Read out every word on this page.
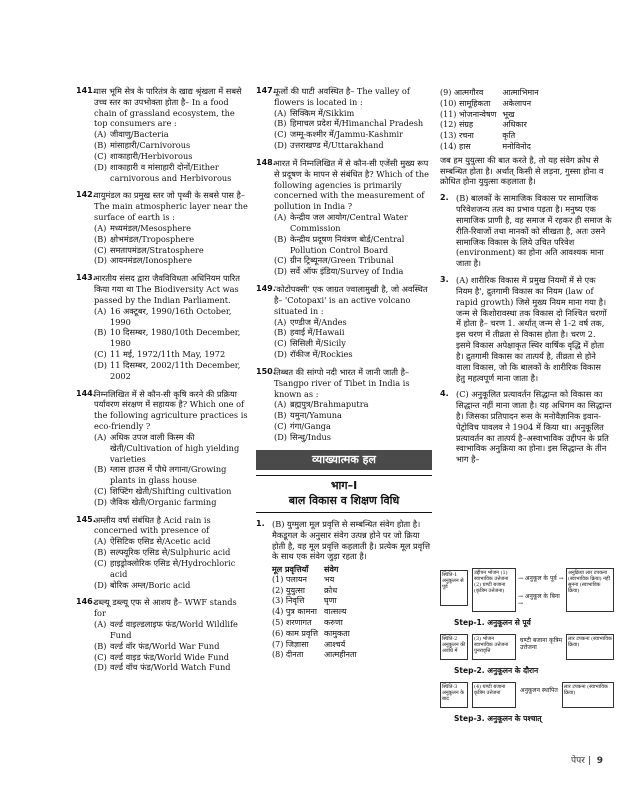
141.
घास भूमि सेत्र के पारितंत्र के खाद्य श्रृंखला में सबसे उच्च स्तर का उपभोक्ता होता है– In a food chain of grassland ecosystem, the top consumers are :
(A) जीवाणु/Bacteria
(B) मांसाहारी/Carnivorous
(C) शाकाहारी/Herbivorous
(D) शाकाहारी व मांसाहारी दोनों/Either carnivorous and Herbivorous
142.
वायुमंडल का प्रमुख स्तर जो पृथ्वी के सबसे पास है– The main atmospheric layer near the surface of earth is :
(A) मध्यमंडल/Mesosphere
(B) क्षोभमंडल/Troposphere
(C) समतापमंडल/Stratosphere
(D) आयनमंडल/Ionosphere
143.
भारतीय संसद द्वारा जैवविविधता अधिनियम पारित किया गया था The Biodiversity Act was passed by the Indian Parliament.
(A) 16 अक्टूबर, 1990/16th October, 1990
(B) 10 दिसम्बर, 1980/10th December, 1980
(C) 11 मई, 1972/11th May, 1972
(D) 11 दिसम्बर, 2002/11th December, 2002
144.
निम्नलिखित में से कौन-सी कृषि करने की प्रक्रिया पर्यावरण संरक्षण में सहायक है? Which one of the following agriculture practices is eco-friendly ?
(A) अधिक उपज वाली किस्म की खेती/Cultivation of high yielding varieties
(B) ग्लास हाउस में पौधे लगाना/Growing plants in glass house
(C) शिफ्टिंग खेती/Shifting cultivation
(D) जैविक खेती/Organic farming
145.
अम्लीय वर्षा संबंधित है Acid rain is concerned with presence of
(A) ऐसिटिक एसिड से/Acetic acid
(B) सल्फ्यूरिक एसिड से/Sulphuric acid
(C) हाइड्रोक्लोरिक एसिड से/Hydrochloric acid
(D) बोरिक अम्ल/Boric acid
146.
डब्ल्यू डब्ल्यू एफ से आशय है– WWF stands for
(A) वर्ल्ड वाइल्डलाइफ फंड/World Wildlife Fund
(B) वर्ल्ड वॉर फंड/World War Fund
(C) वर्ल्ड वाइड फंड/World Wide Fund
(D) वर्ल्ड वॉच फंड/World Watch Fund
147.
फूलों की घाटी अवस्थित है– The valley of flowers is located in :
(A) सिक्किम में/Sikkim
(B) हिमाचल प्रदेश में/Himanchal Pradesh
(C) जम्मू-कश्मीर में/Jammu-Kashmir
(D) उत्तराखण्ड में/Uttarakhand
148.
भारत में निम्नलिखित में से कौन-सी एजेंसी मुख्य रूप से प्रदूषण के मापन से संबंधित है? Which of the following agencies is primarily concerned with the measurement of pollution in India ?
(A) केन्द्रीय जल आयोग/Central Water Commission
(B) केन्द्रीय प्रदूषण नियंत्रण बोर्ड/Central Pollution Control Board
(C) ग्रीन ट्रिब्यूनल/Green Tribunal
(D) सर्वे ऑफ इंडिया/Survey of India
149.
'कोटोपक्सी' एक जाग्रत ज्वालामुखी है, जो अवस्थित है– 'Cotopaxi' is an active volcano situated in :
(A) एण्डीज में/Andes
(B) हवाई में/Hawaii
(C) सिसिली में/Sicily
(D) रॉकीज में/Rockies
150.
तिब्बत की सांग्पो नदी भारत में जानी जाती है– Tsangpo river of Tibet in India is known as :
(A) ब्रह्मपुत्र/Brahmaputra
(B) यमुना/Yamuna
(C) गंगा/Ganga
(D) सिन्धु/Indus
व्याख्यात्मक हल
भाग–I
बाल विकास व शिक्षण विधि
1. (B) युग्मुला मूल प्रवृत्ति से सम्बन्धित संवेग होता है। मैकडूगल के अनुसार संवेग उत्पन्न होने पर जो क्रिया होती है, वह मूल प्रवृत्ति कहलाती है। प्रत्येक मूल प्रवृत्ति के साथ एक संवेग जुड़ा रहता है।
मूल प्रवृत्तियाँ	संवेग
(1) पलायन	भय
(2) युयुत्सा	क्रोध
(3) निवृत्ति	घृणा
(4) पुत्र कामना	वात्सल्य
(5) शरणागत	करुणा
(6) काम प्रवृत्ति	कामुकता
(7) जिज्ञासा	आश्चर्य
(8) दीनता	आत्महीनता
(9) आत्मगौरव	आत्माभिमान
(10) सामूहिकता	अकेलापन
(11) भोजनान्वेषण	भूख
(12) संग्रह	अधिकार
(13) रचना	कृति
(14) हास	मनोविनोद
जब हम युयुत्सा की बात करते है, तो यह संवेग क्रोध से सम्बन्धित होता है। अर्थात् किसी से लड़ना, गुस्सा होना व क्रोधित होना युयुत्सा कहलाता है।
2. (B) बालकों के सामाजिक विकास पर सामाजिक परिवेशजन्य तत्व का प्रभाव पड़ता है। मनुष्य एक सामाजिक प्राणी है, वह समाज में रहकर ही समाज के रीति-रिवाजों तथा मानकों को सीखता है, अतः उसने सामाजिक विकास के लिये उचित परिवेश (environment) का होना अति आवश्यक माना जाता है।
3. (A) शारीरिक विकास में प्रमुख नियमों में से एक नियम है', द्रुतगामी विकास का नियम (law of rapid growth) जिसे मुख्य नियम माना गया है। जन्म से किशोरावस्था तक विकास दो निश्चित चरणों में होता है– चरण 1. अर्थात् जन्म से 1-2 वर्ष तक, इस चरण में तीव्रता से विकास होता है। चरण 2. इसमे विकास अपेक्षाकृत स्थिर वार्षिक वृद्धि में होता है। द्रुतगामी विकास का तात्पर्य है, तीव्रता से होने वाला विकास, जो कि बालकों के शारीरिक विकास हेतु महत्वपूर्ण माना जाता है।
4. (C) अनुकूलित प्रत्यावर्तन सिद्धान्त को विकास का सिद्धान्त नहीं माना जाता है। यह अधिगम का सिद्धान्त है। जिसका प्रतिपादन रूस के मनोवैज्ञानिक इवान-पेट्रोविच पावलव ने 1904 में किया था। अनुकूलित प्रत्यावर्तन का तात्पर्य है–अस्वाभाविक उद्दीपन के प्रति स्वाभाविक अनुक्रिया का होना। इस सिद्धान्त के तीन भाग है–
स्थिति-1 अनुकूलन से पूर्व
उद्दीपन भोजन (1) स्वाभाविक उत्तेजना (2) घण्टी बजाना (कृत्रिम उत्तेजना)
→ अनुकूल के पूर्व →
→ अनुकूल के बिना →
अनुक्रिया लार टपकना (स्वाभाविक क्रिया) नहीं सुनना (स्वाभाविक क्रिया)
Step-1. अनुकूलन से पूर्व
स्थिति-2 अनुकूलन की अवधि में
(3) भोजन स्वाभाविक उत्तेजना पुनरावृत्ति
घण्टी बजाना कृत्रिम उत्तेजना
लार टपकना (स्वाभाविक क्रिया)
Step-2. अनुकूलन के दौरान
स्थिति-3 अनुकूलन के बाद
(4) घण्टी बजाना कृत्रिम उत्तेजना	अनुकूलन स्थापित	लार टपकना (स्वाभाविक क्रिया)
Step-3. अनुकूलन के पश्चात्
पेपर | 9
